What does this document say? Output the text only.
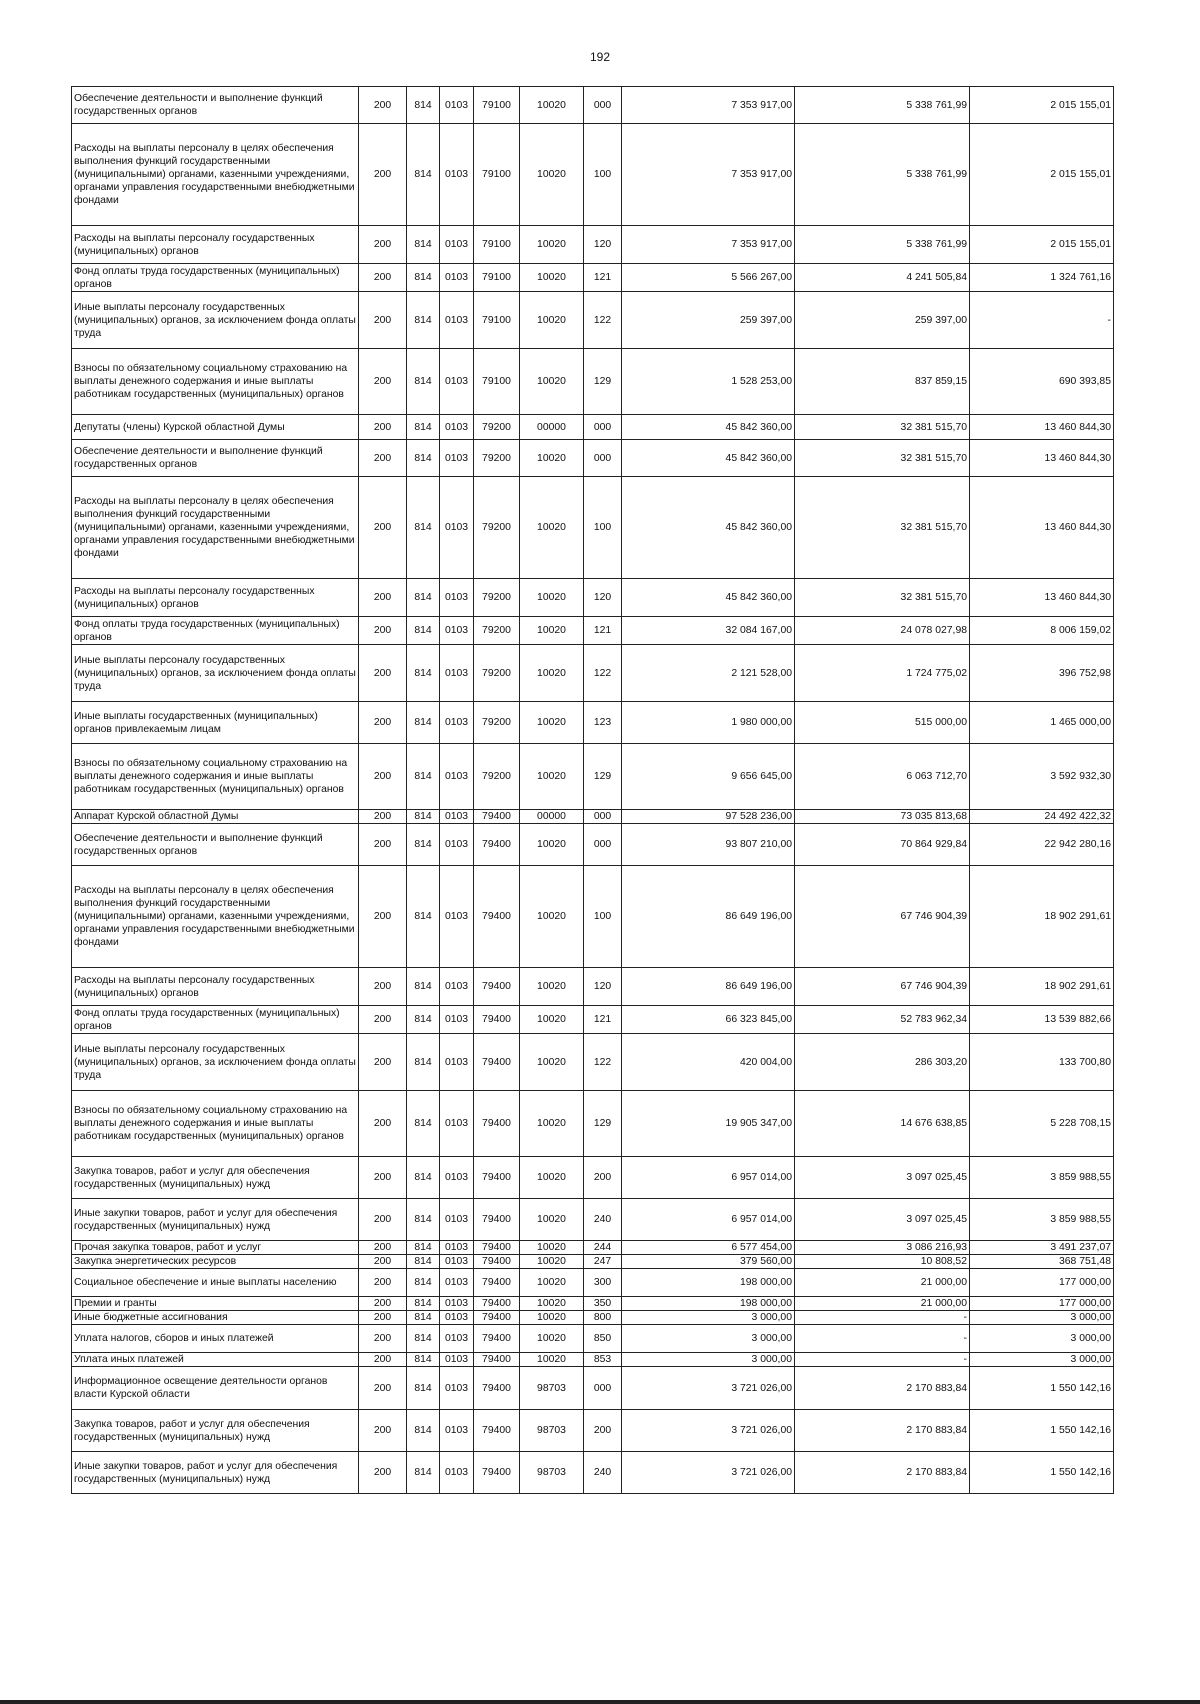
192
Обеспечение деятельности и выполнение функций государственных органов	200	814	0103	79100	10020	000	7 353 917,00	5 338 761,99	2 015 155,01
Расходы на выплаты персоналу в целях обеспечения выполнения функций государственными (муниципальными) органами, казенными учреждениями, органами управления государственными внебюджетными фондами	200	814	0103	79100	10020	100	7 353 917,00	5 338 761,99	2 015 155,01
Расходы на выплаты персоналу государственных (муниципальных) органов	200	814	0103	79100	10020	120	7 353 917,00	5 338 761,99	2 015 155,01
Фонд оплаты труда государственных (муниципальных) органов	200	814	0103	79100	10020	121	5 566 267,00	4 241 505,84	1 324 761,16
Иные выплаты персоналу государственных (муниципальных) органов, за исключением фонда оплаты труда	200	814	0103	79100	10020	122	259 397,00	259 397,00	-
Взносы по обязательному социальному страхованию на выплаты денежного содержания и иные выплаты работникам государственных (муниципальных) органов	200	814	0103	79100	10020	129	1 528 253,00	837 859,15	690 393,85
Депутаты (члены) Курской областной Думы	200	814	0103	79200	00000	000	45 842 360,00	32 381 515,70	13 460 844,30
Обеспечение деятельности и выполнение функций государственных органов	200	814	0103	79200	10020	000	45 842 360,00	32 381 515,70	13 460 844,30
Расходы на выплаты персоналу в целях обеспечения выполнения функций государственными (муниципальными) органами, казенными учреждениями, органами управления государственными внебюджетными фондами	200	814	0103	79200	10020	100	45 842 360,00	32 381 515,70	13 460 844,30
Расходы на выплаты персоналу государственных (муниципальных) органов	200	814	0103	79200	10020	120	45 842 360,00	32 381 515,70	13 460 844,30
Фонд оплаты труда государственных (муниципальных) органов	200	814	0103	79200	10020	121	32 084 167,00	24 078 027,98	8 006 159,02
Иные выплаты персоналу государственных (муниципальных) органов, за исключением фонда оплаты труда	200	814	0103	79200	10020	122	2 121 528,00	1 724 775,02	396 752,98
Иные выплаты государственных (муниципальных) органов привлекаемым лицам	200	814	0103	79200	10020	123	1 980 000,00	515 000,00	1 465 000,00
Взносы по обязательному социальному страхованию на выплаты денежного содержания и иные выплаты работникам государственных (муниципальных) органов	200	814	0103	79200	10020	129	9 656 645,00	6 063 712,70	3 592 932,30
Аппарат Курской областной Думы	200	814	0103	79400	00000	000	97 528 236,00	73 035 813,68	24 492 422,32
Обеспечение деятельности и выполнение функций государственных органов	200	814	0103	79400	10020	000	93 807 210,00	70 864 929,84	22 942 280,16
Расходы на выплаты персоналу в целях обеспечения выполнения функций государственными (муниципальными) органами, казенными учреждениями, органами управления государственными внебюджетными фондами	200	814	0103	79400	10020	100	86 649 196,00	67 746 904,39	18 902 291,61
Расходы на выплаты персоналу государственных (муниципальных) органов	200	814	0103	79400	10020	120	86 649 196,00	67 746 904,39	18 902 291,61
Фонд оплаты труда государственных (муниципальных) органов	200	814	0103	79400	10020	121	66 323 845,00	52 783 962,34	13 539 882,66
Иные выплаты персоналу государственных (муниципальных) органов, за исключением фонда оплаты труда	200	814	0103	79400	10020	122	420 004,00	286 303,20	133 700,80
Взносы по обязательному социальному страхованию на выплаты денежного содержания и иные выплаты работникам государственных (муниципальных) органов	200	814	0103	79400	10020	129	19 905 347,00	14 676 638,85	5 228 708,15
Закупка товаров, работ и услуг для обеспечения государственных (муниципальных) нужд	200	814	0103	79400	10020	200	6 957 014,00	3 097 025,45	3 859 988,55
Иные закупки товаров, работ и услуг для обеспечения государственных (муниципальных) нужд	200	814	0103	79400	10020	240	6 957 014,00	3 097 025,45	3 859 988,55
Прочая закупка товаров, работ и услуг	200	814	0103	79400	10020	244	6 577 454,00	3 086 216,93	3 491 237,07
Закупка энергетических ресурсов	200	814	0103	79400	10020	247	379 560,00	10 808,52	368 751,48
Социальное обеспечение и иные выплаты населению	200	814	0103	79400	10020	300	198 000,00	21 000,00	177 000,00
Премии и гранты	200	814	0103	79400	10020	350	198 000,00	21 000,00	177 000,00
Иные бюджетные ассигнования	200	814	0103	79400	10020	800	3 000,00	-	3 000,00
Уплата налогов, сборов и иных платежей	200	814	0103	79400	10020	850	3 000,00	-	3 000,00
Уплата иных платежей	200	814	0103	79400	10020	853	3 000,00	-	3 000,00
Информационное освещение деятельности органов власти Курской области	200	814	0103	79400	98703	000	3 721 026,00	2 170 883,84	1 550 142,16
Закупка товаров, работ и услуг для обеспечения государственных (муниципальных) нужд	200	814	0103	79400	98703	200	3 721 026,00	2 170 883,84	1 550 142,16
Иные закупки товаров, работ и услуг для обеспечения государственных (муниципальных) нужд	200	814	0103	79400	98703	240	3 721 026,00	2 170 883,84	1 550 142,16
